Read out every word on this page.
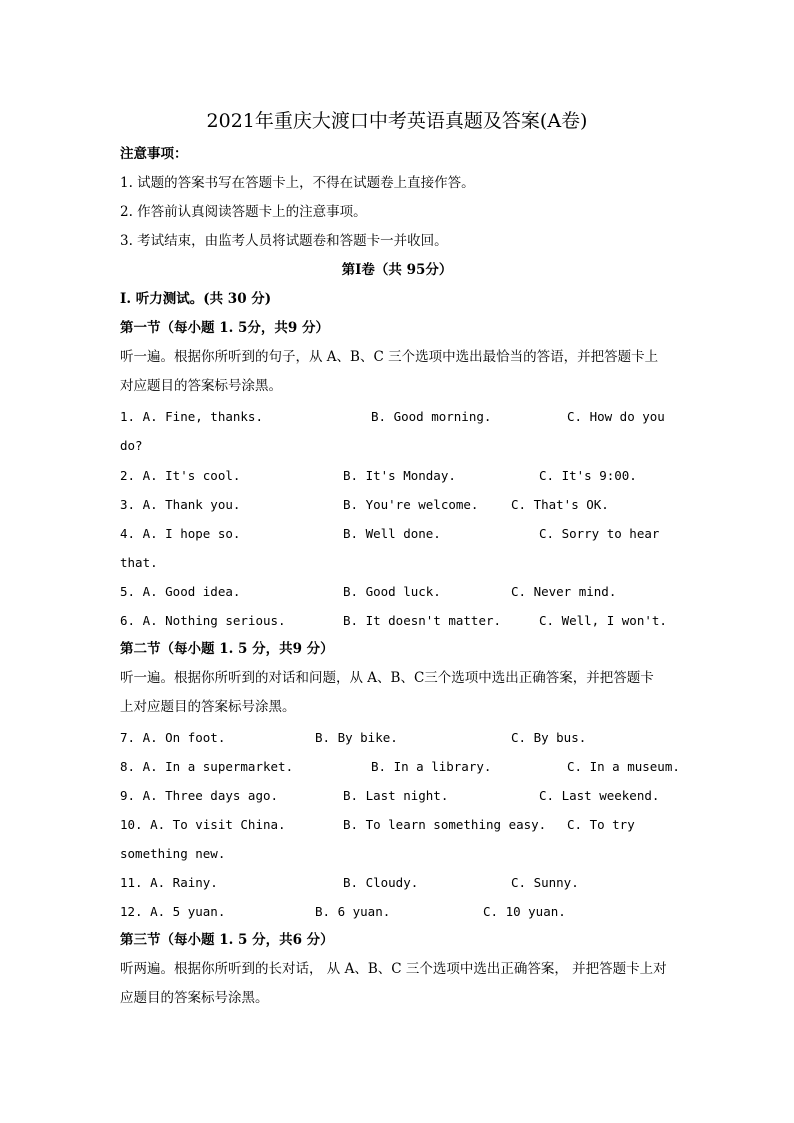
2021年重庆大渡口中考英语真题及答案(A卷)
注意事项：
1. 试题的答案书写在答题卡上，不得在试题卷上直接作答。
2. 作答前认真阅读答题卡上的注意事项。
3. 考试结束，由监考人员将试题卷和答题卡一并收回。
第Ⅰ卷（共 95分）
I. 听力测试。(共 30 分)
第一节（每小题 1. 5分，共9 分）
听一遍。根据你所听到的句子，从 A、B、C 三个选项中选出最恰当的答语，并把答题卡上
对应题目的答案标号涂黑。
1. A. Fine, thanks.	B. Good morning.	C. How do you
do?
2. A. It's cool.	B. It's Monday.	C. It's 9:00.
3. A. Thank you.	B. You're welcome.	C. That's OK.
4. A. I hope so.	B. Well done.	C. Sorry to hear
that.
5. A. Good idea.	B. Good luck.	C. Never mind.
6. A. Nothing serious.	B. It doesn't matter.	C. Well, I won't.
第二节（每小题 1. 5 分，共9 分）
听一遍。根据你所听到的对话和问题，从 A、B、C三个选项中选出正确答案，并把答题卡
上对应题目的答案标号涂黑。
7. A. On foot.	B. By bike.	C. By bus.
8. A. In a supermarket.	B. In a library.	C. In a museum.
9. A. Three days ago.	B. Last night.	C. Last weekend.
10. A. To visit China.	B. To learn something easy. C. To try
something new.
11. A. Rainy.	B. Cloudy.	C. Sunny.
12. A. 5 yuan.	B. 6 yuan.	C. 10 yuan.
第三节（每小题 1. 5 分，共6 分）
听两遍。根据你所听到的长对话， 从 A、B、C 三个选项中选出正确答案， 并把答题卡上对
应题目的答案标号涂黑。
